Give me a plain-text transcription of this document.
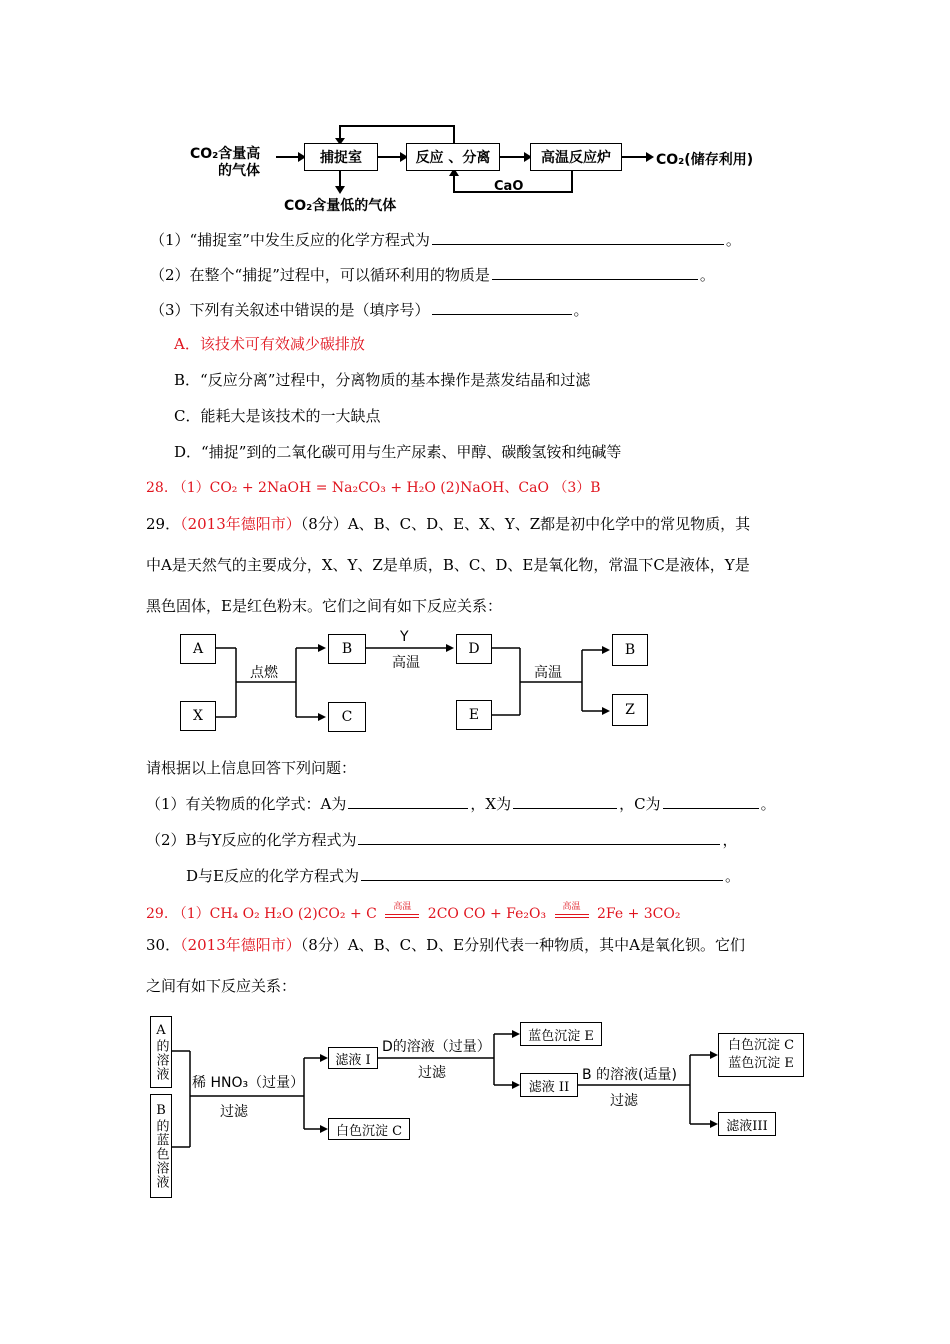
CO₂含量高
的气体
捕捉室	反应 、分离	高温反应炉	CO₂(储存利用)
CaO
CO₂含量低的气体
（1）“捕捉室”中发生反应的化学方程式为	。
（2）在整个“捕捉”过程中，可以循环利用的物质是	。
（3）下列有关叙述中错误的是（填序号）	。
A．该技术可有效减少碳排放
B．“反应分离”过程中，分离物质的基本操作是蒸发结晶和过滤
C．能耗大是该技术的一大缺点
D．“捕捉”到的二氧化碳可用与生产尿素、甲醇、碳酸氢铵和纯碱等
28. （1）CO₂ + 2NaOH = Na₂CO₃ + H₂O (2)NaOH、CaO （3）B
29．（2013年德阳市）（8分）A、B、C、D、E、X、Y、Z都是初中化学中的常见物质，其
中A是天然气的主要成分，X、Y、Z是单质，B、C、D、E是氧化物，常温下C是液体，Y是
黑色固体，E是红色粉末。它们之间有如下反应关系：
A
X
点燃
B
C
Y
高温
D
E
高温
B
Z
请根据以上信息回答下列问题：
（1）有关物质的化学式：A为	，X为	，C为	。
（2）B与Y反应的化学方程式为	，
D与E反应的化学方程式为	。
29. （1）CH₄ O₂ H₂O (2)CO₂ + C	高温	2CO CO + Fe₂O₃	高温	2Fe + 3CO₂
30．（2013年德阳市）（8分）A、B、C、D、E分别代表一种物质，其中A是氧化钡。它们
之间有如下反应关系：
A的溶液
B的蓝色溶液
稀 HNO₃（过量）
过滤
滤液 I
白色沉淀 C
D的溶液（过量）
过滤
蓝色沉淀 E
滤液 II
B 的溶液(适量)
过滤
白色沉淀 C
蓝色沉淀 E
滤液III
